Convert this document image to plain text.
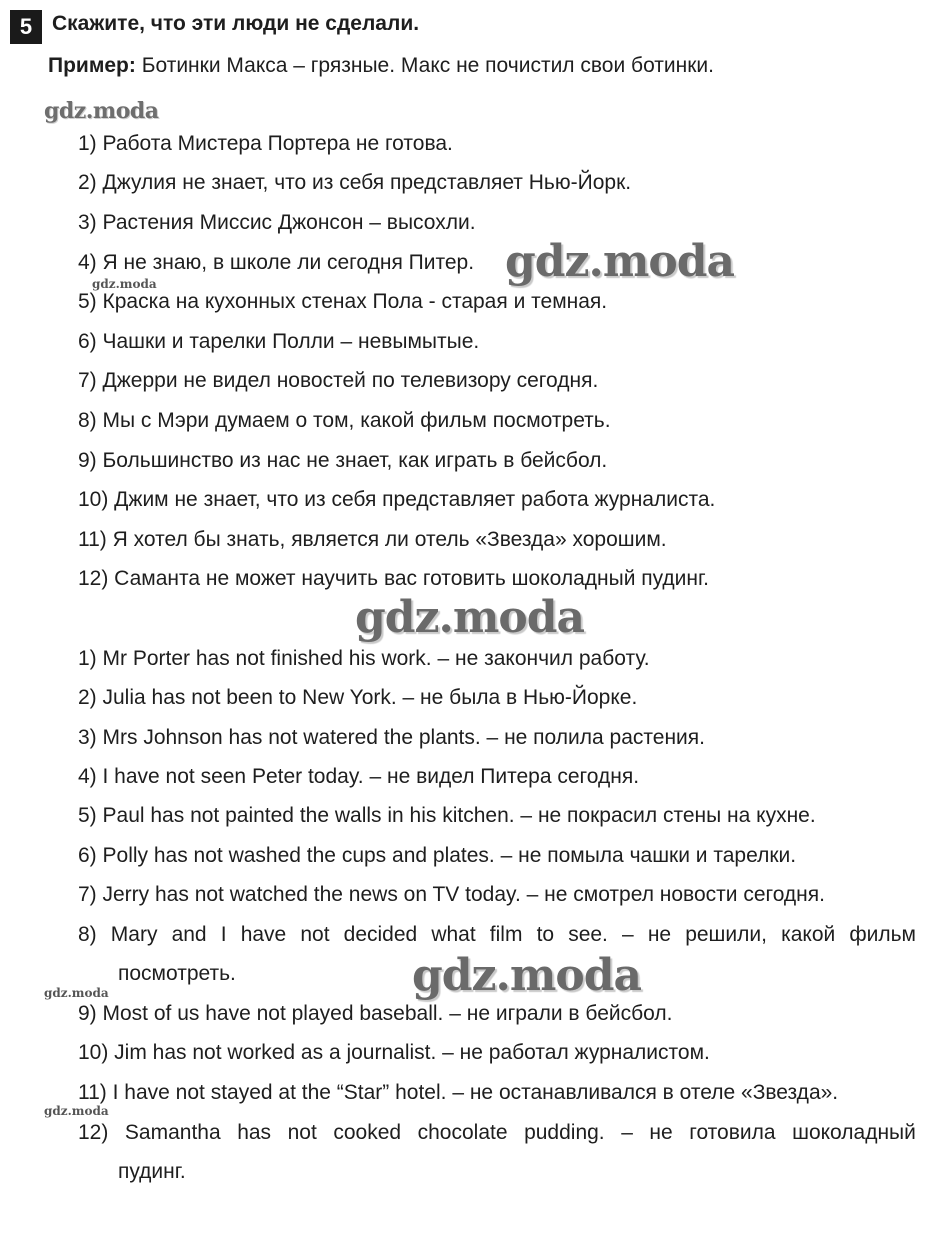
5 Скажите, что эти люди не сделали.
Пример: Ботинки Макса – грязные. Макс не почистил свои ботинки.
1) Работа Мистера Портера не готова.
2) Джулия не знает, что из себя представляет Нью-Йорк.
3) Растения Миссис Джонсон – высохли.
4) Я не знаю, в школе ли сегодня Питер.
5) Краска на кухонных стенах Пола - старая и темная.
6) Чашки и тарелки Полли – невымытые.
7) Джерри не видел новостей по телевизору сегодня.
8) Мы с Мэри думаем о том, какой фильм посмотреть.
9) Большинство из нас не знает, как играть в бейсбол.
10) Джим не знает, что из себя представляет работа журналиста.
11) Я хотел бы знать, является ли отель «Звезда» хорошим.
12) Саманта не может научить вас готовить шоколадный пудинг.
1) Mr Porter has not finished his work. – не закончил работу.
2) Julia has not been to New York. – не была в Нью-Йорке.
3) Mrs Johnson has not watered the plants. – не полила растения.
4) I have not seen Peter today. – не видел Питера сегодня.
5) Paul has not painted the walls in his kitchen. – не покрасил стены на кухне.
6) Polly has not washed the cups and plates. – не помыла чашки и тарелки.
7) Jerry has not watched the news on TV today. – не смотрел новости сегодня.
8) Mary and I have not decided what film to see. – не решили, какой фильм
посмотреть.
9) Most of us have not played baseball. – не играли в бейсбол.
10) Jim has not worked as a journalist. – не работал журналистом.
11) I have not stayed at the “Star” hotel. – не останавливался в отеле «Звезда».
12) Samantha has not cooked chocolate pudding. – не готовила шоколадный
пудинг.
gdz.moda
gdz.moda	gdz.moda
gdz.moda
gdz.moda
gdz.moda
gdz.moda
